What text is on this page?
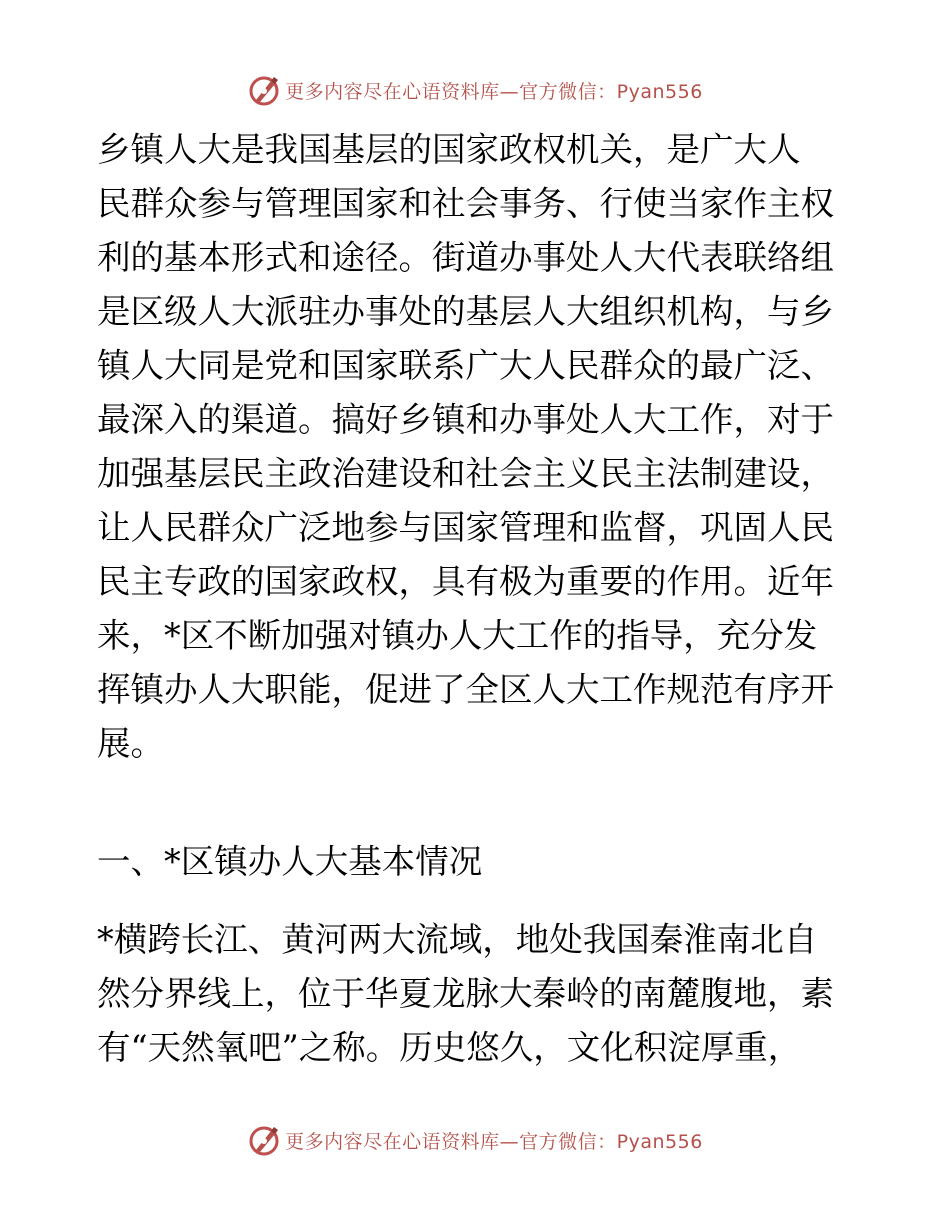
更多内容尽在心语资料库—官方微信：Pyan556

乡镇人大是我国基层的国家政权机关，是广大人
民群众参与管理国家和社会事务、行使当家作主权
利的基本形式和途径。街道办事处人大代表联络组
是区级人大派驻办事处的基层人大组织机构，与乡
镇人大同是党和国家联系广大人民群众的最广泛、
最深入的渠道。搞好乡镇和办事处人大工作，对于
加强基层民主政治建设和社会主义民主法制建设，
让人民群众广泛地参与国家管理和监督，巩固人民
民主专政的国家政权，具有极为重要的作用。近年
来，*区不断加强对镇办人大工作的指导，充分发
挥镇办人大职能，促进了全区人大工作规范有序开
展。

一、*区镇办人大基本情况

*横跨长江、黄河两大流域，地处我国秦淮南北自
然分界线上，位于华夏龙脉大秦岭的南麓腹地，素
有“天然氧吧”之称。历史悠久，文化积淀厚重，

更多内容尽在心语资料库—官方微信：Pyan556
